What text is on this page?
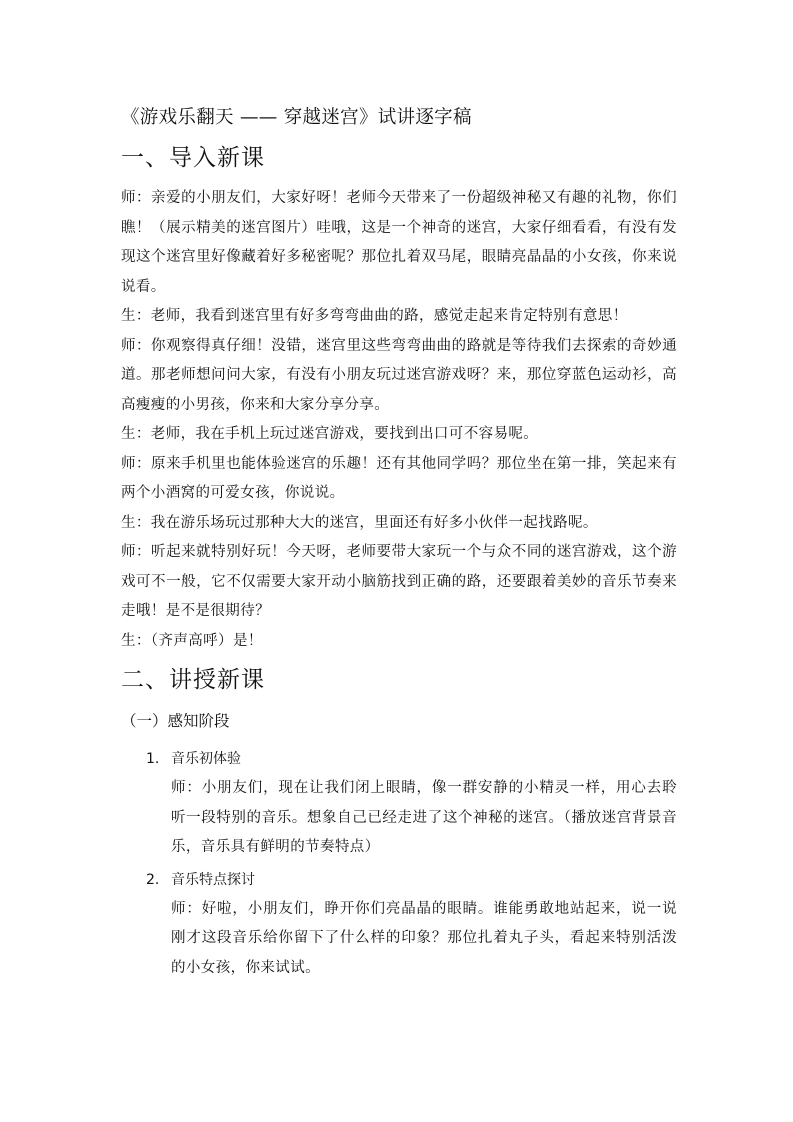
《游戏乐翻天 —— 穿越迷宫》试讲逐字稿
一、导入新课

师：亲爱的小朋友们，大家好呀！老师今天带来了一份超级神秘又有趣的礼物，你们瞧！（展示精美的迷宫图片）哇哦，这是一个神奇的迷宫，大家仔细看看，有没有发现这个迷宫里好像藏着好多秘密呢？那位扎着双马尾，眼睛亮晶晶的小女孩，你来说说看。

生：老师，我看到迷宫里有好多弯弯曲曲的路，感觉走起来肯定特别有意思！

师：你观察得真仔细！没错，迷宫里这些弯弯曲曲的路就是等待我们去探索的奇妙通道。那老师想问问大家，有没有小朋友玩过迷宫游戏呀？来，那位穿蓝色运动衫，高高瘦瘦的小男孩，你来和大家分享分享。

生：老师，我在手机上玩过迷宫游戏，要找到出口可不容易呢。

师：原来手机里也能体验迷宫的乐趣！还有其他同学吗？那位坐在第一排，笑起来有两个小酒窝的可爱女孩，你说说。

生：我在游乐场玩过那种大大的迷宫，里面还有好多小伙伴一起找路呢。

师：听起来就特别好玩！今天呀，老师要带大家玩一个与众不同的迷宫游戏，这个游戏可不一般，它不仅需要大家开动小脑筋找到正确的路，还要跟着美妙的音乐节奏来走哦！是不是很期待？

生：（齐声高呼）是！

二、讲授新课
（一）感知阶段
1. 音乐初体验

师：小朋友们，现在让我们闭上眼睛，像一群安静的小精灵一样，用心去聆听一段特别的音乐。想象自己已经走进了这个神秘的迷宫。（播放迷宫背景音乐，音乐具有鲜明的节奏特点）

2. 音乐特点探讨

师：好啦，小朋友们，睁开你们亮晶晶的眼睛。谁能勇敢地站起来，说一说刚才这段音乐给你留下了什么样的印象？那位扎着丸子头，看起来特别活泼的小女孩，你来试试。
